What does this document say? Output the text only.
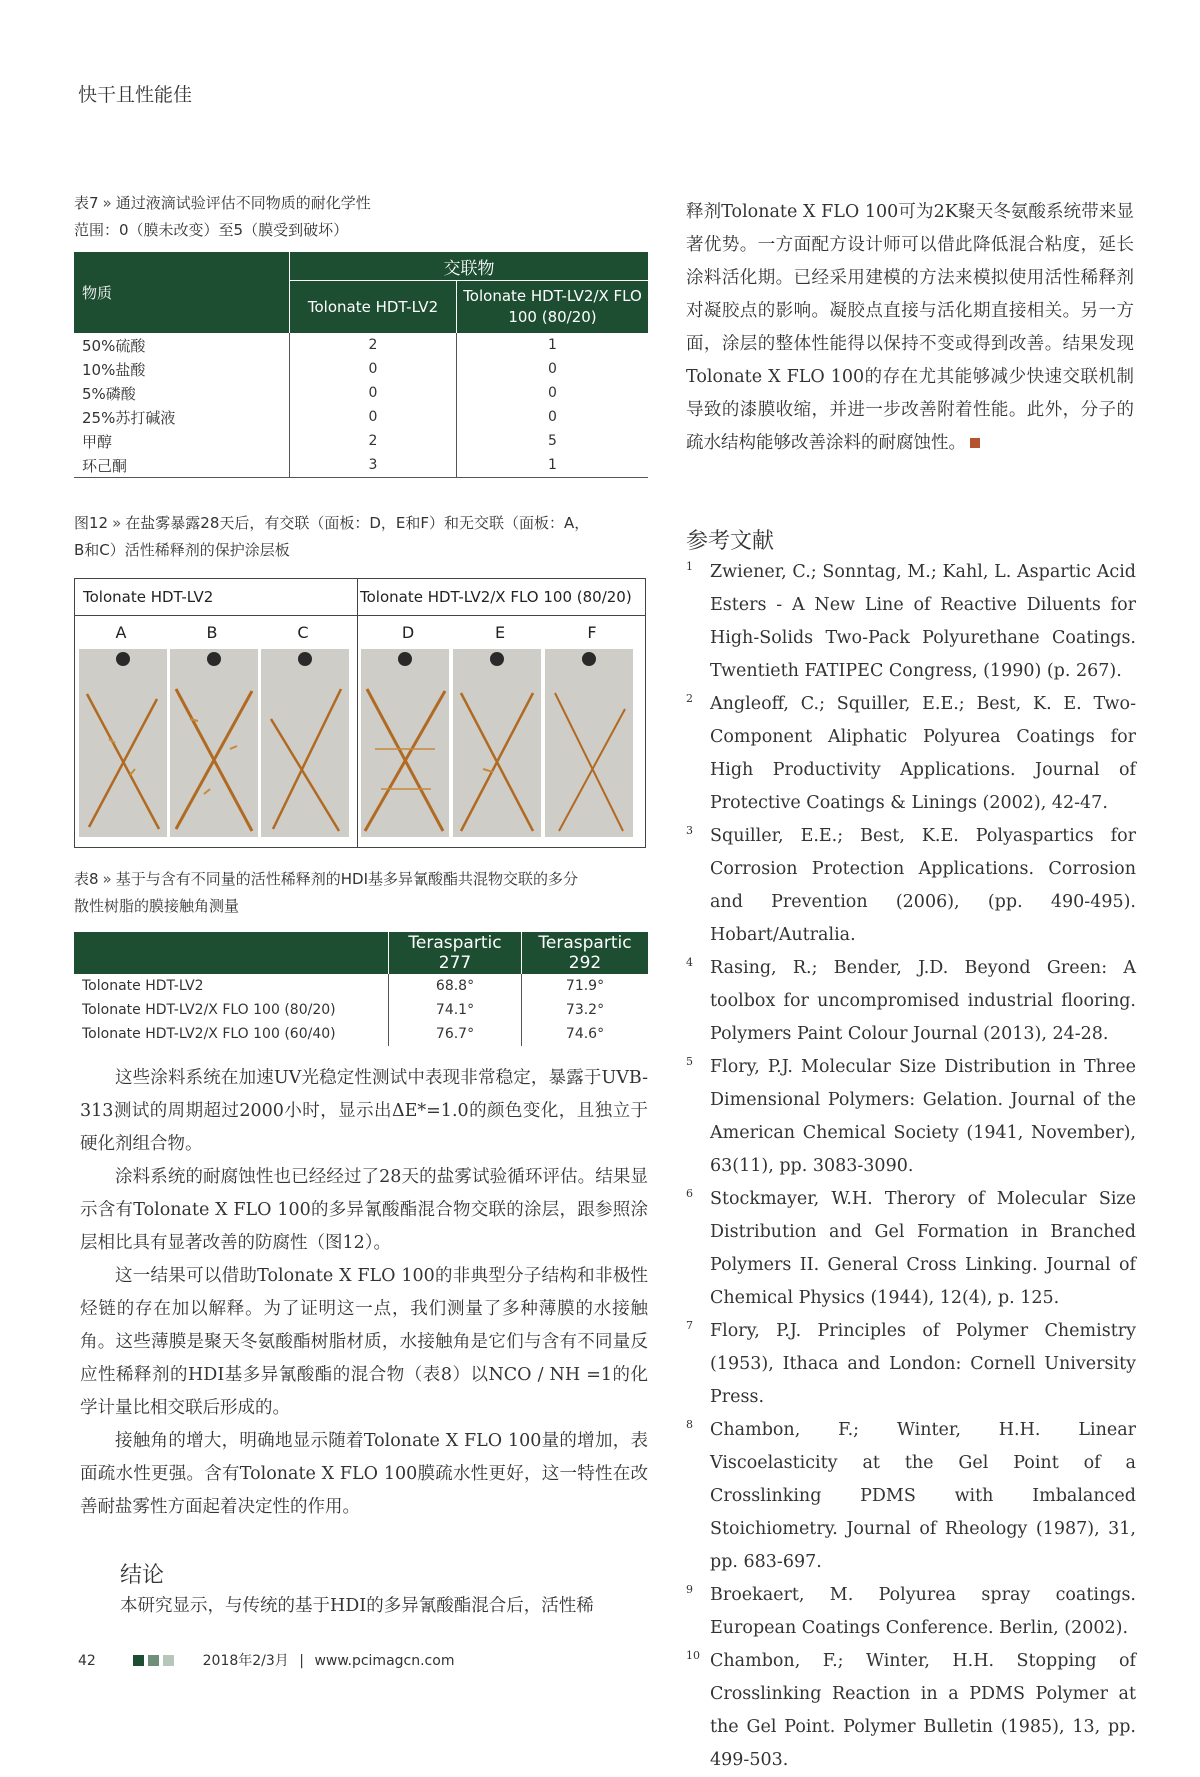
快干且性能佳
表7 » 通过液滴试验评估不同物质的耐化学性
范围：0（膜未改变）至5（膜受到破坏）
物质	交联物	
	Tolonate HDT-LV2	Tolonate HDT-LV2/X FLO 100 (80/20)
50%硫酸	2	1
10%盐酸	0	0
5%磷酸	0	0
25%苏打碱液	0	0
甲醇	2	5
环己酮	3	1
图12 » 在盐雾暴露28天后，有交联（面板：D，E和F）和无交联（面板：A，
B和C）活性稀释剂的保护涂层板
Tolonate HDT-LV2	Tolonate HDT-LV2/X FLO 100 (80/20)
A	B	C	D	E	F
表8 » 基于与含有不同量的活性稀释剂的HDI基多异氰酸酯共混物交联的多分
散性树脂的膜接触角测量
	Teraspartic 277	Teraspartic 292
Tolonate HDT-LV2	68.8°	71.9°
Tolonate HDT-LV2/X FLO 100 (80/20)	74.1°	73.2°
Tolonate HDT-LV2/X FLO 100 (60/40)	76.7°	74.6°

这些涂料系统在加速UV光稳定性测试中表现非常稳定，暴露于UVB-313测试的周期超过2000小时，显示出ΔE*=1.0的颜色变化，且独立于硬化剂组合物。

涂料系统的耐腐蚀性也已经经过了28天的盐雾试验循环评估。结果显示含有Tolonate X FLO 100的多异氰酸酯混合物交联的涂层，跟参照涂层相比具有显著改善的防腐性（图12）。

这一结果可以借助Tolonate X FLO 100的非典型分子结构和非极性烃链的存在加以解释。为了证明这一点，我们测量了多种薄膜的水接触角。这些薄膜是聚天冬氨酸酯树脂材质，水接触角是它们与含有不同量反应性稀释剂的HDI基多异氰酸酯的混合物（表8）以NCO / NH =1的化学计量比相交联后形成的。

接触角的增大，明确地显示随着Tolonate X FLO 100量的增加，表面疏水性更强。含有Tolonate X FLO 100膜疏水性更好，这一特性在改善耐盐雾性方面起着决定性的作用。

结论
本研究显示，与传统的基于HDI的多异氰酸酯混合后，活性稀
释剂Tolonate X FLO 100可为2K聚天冬氨酸系统带来显著优势。一方面配方设计师可以借此降低混合粘度，延长涂料活化期。已经采用建模的方法来模拟使用活性稀释剂对凝胶点的影响。凝胶点直接与活化期直接相关。另一方面，涂层的整体性能得以保持不变或得到改善。结果发现Tolonate X FLO 100的存在尤其能够减少快速交联机制导致的漆膜收缩，并进一步改善附着性能。此外，分子的疏水结构能够改善涂料的耐腐蚀性。
参考文献
1 Zwiener, C.; Sonntag, M.; Kahl, L. Aspartic Acid Esters - A New Line of Reactive Diluents for High-Solids Two-Pack Polyurethane Coatings. Twentieth FATIPEC Congress, (1990) (p. 267).
2 Angleoff, C.; Squiller, E.E.; Best, K. E. Two-Component Aliphatic Polyurea Coatings for High Productivity Applications. Journal of Protective Coatings & Linings (2002), 42-47.
3 Squiller, E.E.; Best, K.E. Polyaspartics for Corrosion Protection Applications. Corrosion and Prevention (2006), (pp. 490-495). Hobart/Autralia.
4 Rasing, R.; Bender, J.D. Beyond Green: A toolbox for uncompromised industrial flooring. Polymers Paint Colour Journal (2013), 24-28.
5 Flory, P.J. Molecular Size Distribution in Three Dimensional Polymers: Gelation. Journal of the American Chemical Society (1941, November), 63(11), pp. 3083-3090.
6 Stockmayer, W.H. Therory of Molecular Size Distribution and Gel Formation in Branched Polymers II. General Cross Linking. Journal of Chemical Physics (1944), 12(4), p. 125.
7 Flory, P.J. Principles of Polymer Chemistry (1953), Ithaca and London: Cornell University Press.
8 Chambon, F.; Winter, H.H. Linear Viscoelasticity at the Gel Point of a Crosslinking PDMS with Imbalanced Stoichiometry. Journal of Rheology (1987), 31, pp. 683-697.
9 Broekaert, M. Polyurea spray coatings. European Coatings Conference. Berlin, (2002).
10 Chambon, F.; Winter, H.H. Stopping of Crosslinking Reaction in a PDMS Polymer at the Gel Point. Polymer Bulletin (1985), 13, pp. 499-503.
42	2018年2/3月 | www.pcimagcn.com
